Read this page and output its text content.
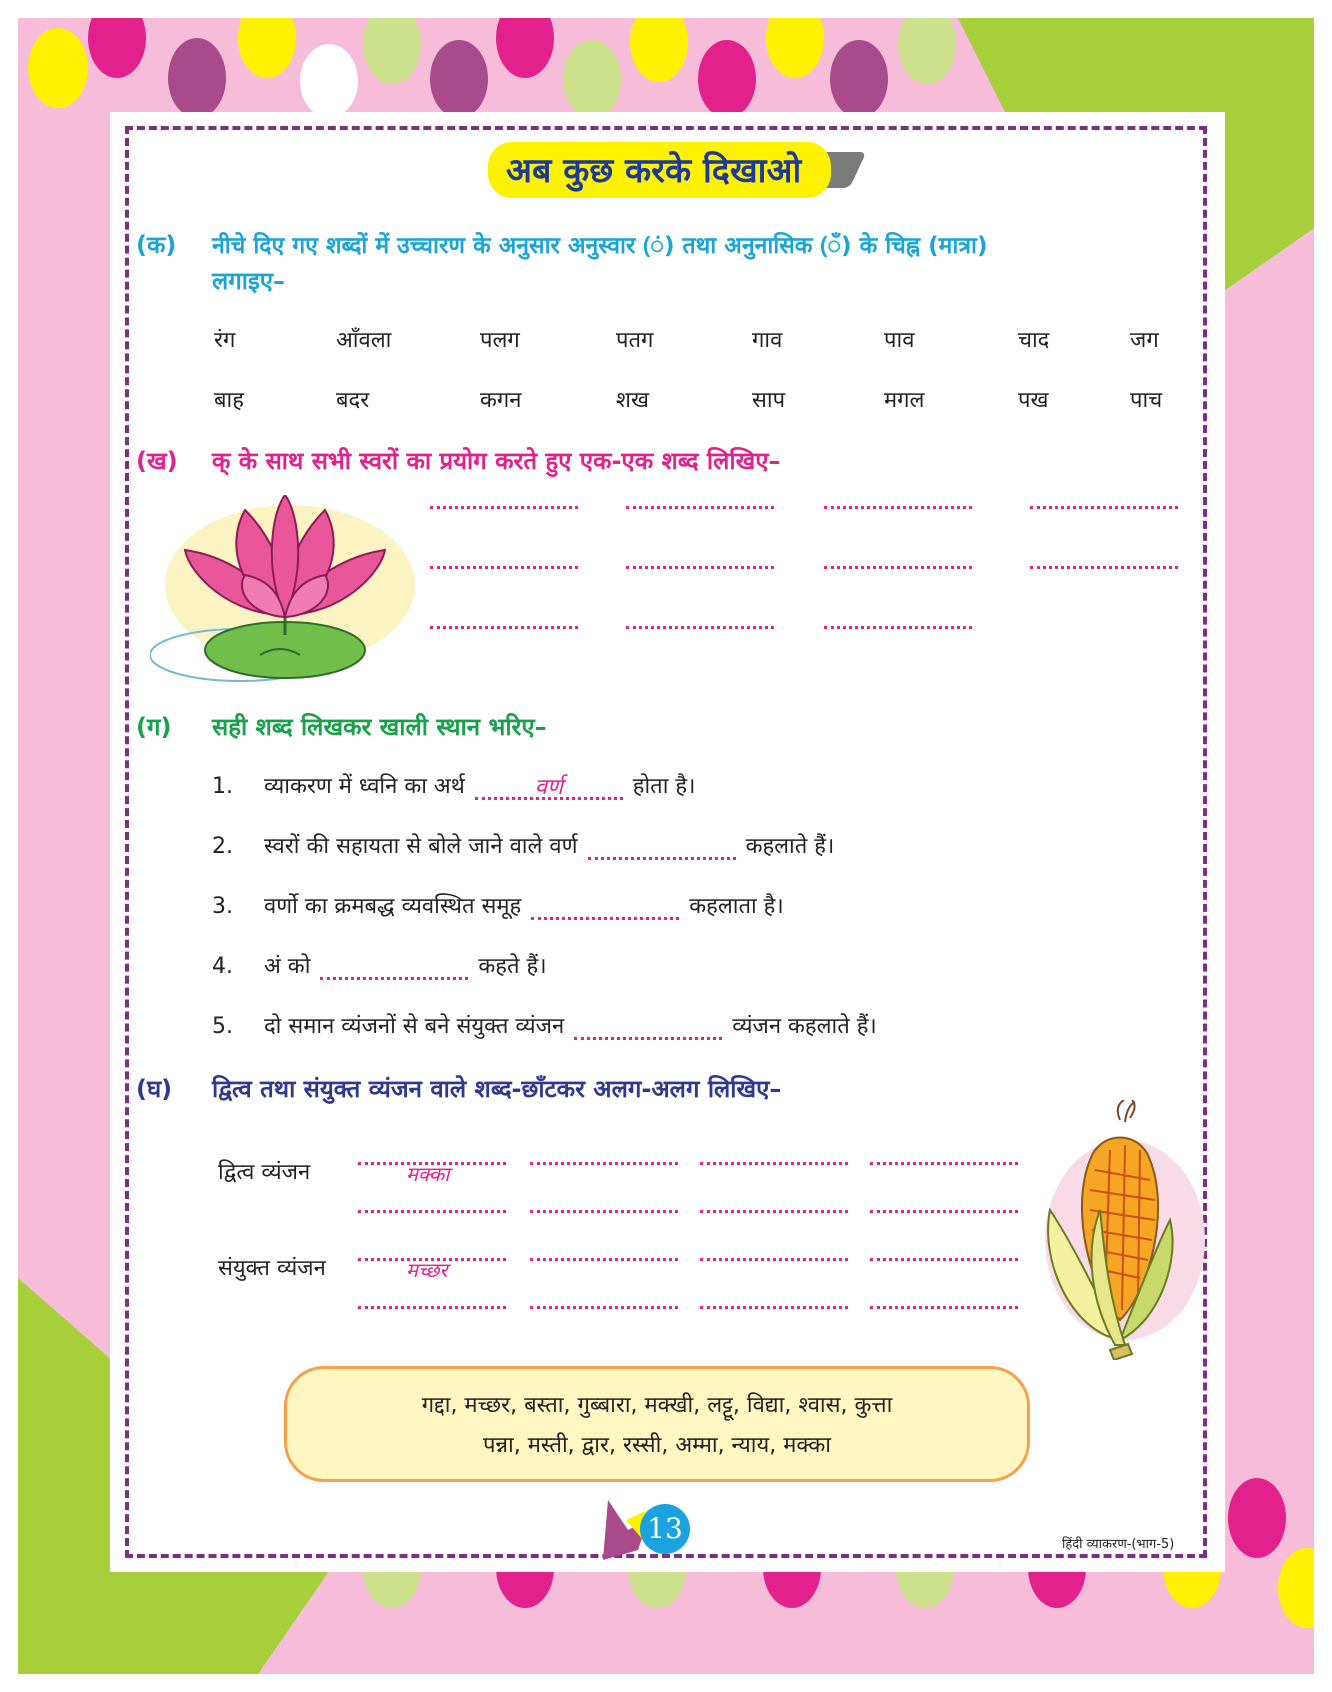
अब कुछ करके दिखाओ
(क) नीचे दिए गए शब्दों में उच्चारण के अनुसार अनुस्वार (ं) तथा अनुनासिक (ँ) के चिह्न (मात्रा)
लगाइए–
रंग	आँवला	पलग	पतग	गाव	पाव	चाद	जग
बाह	बदर	कगन	शख	साप	मगल	पख	पाच
(ख) क् के साथ सभी स्वरों का प्रयोग करते हुए एक-एक शब्द लिखिए–
(ग) सही शब्द लिखकर खाली स्थान भरिए–
1. व्याकरण में ध्वनि का अर्थ	वर्ण	होता है।
2. स्वरों की सहायता से बोले जाने वाले वर्ण	कहलाते हैं।
3. वर्णो का क्रमबद्ध व्यवस्थित समूह	कहलाता है।
4. अं को	कहते हैं।
5. दो समान व्यंजनों से बने संयुक्त व्यंजन	व्यंजन कहलाते हैं।
(घ) द्वित्व तथा संयुक्त व्यंजन वाले शब्द-छाँटकर अलग-अलग लिखिए–
द्वित्व व्यंजन	मक्का
संयुक्त व्यंजन	मच्छर
गद्दा, मच्छर, बस्ता, गुब्बारा, मक्खी, लट्टू, विद्या, श्वास, कुत्ता
पन्ना, मस्ती, द्वार, रस्सी, अम्मा, न्याय, मक्का
13	हिंदी व्याकरण-(भाग-5)
